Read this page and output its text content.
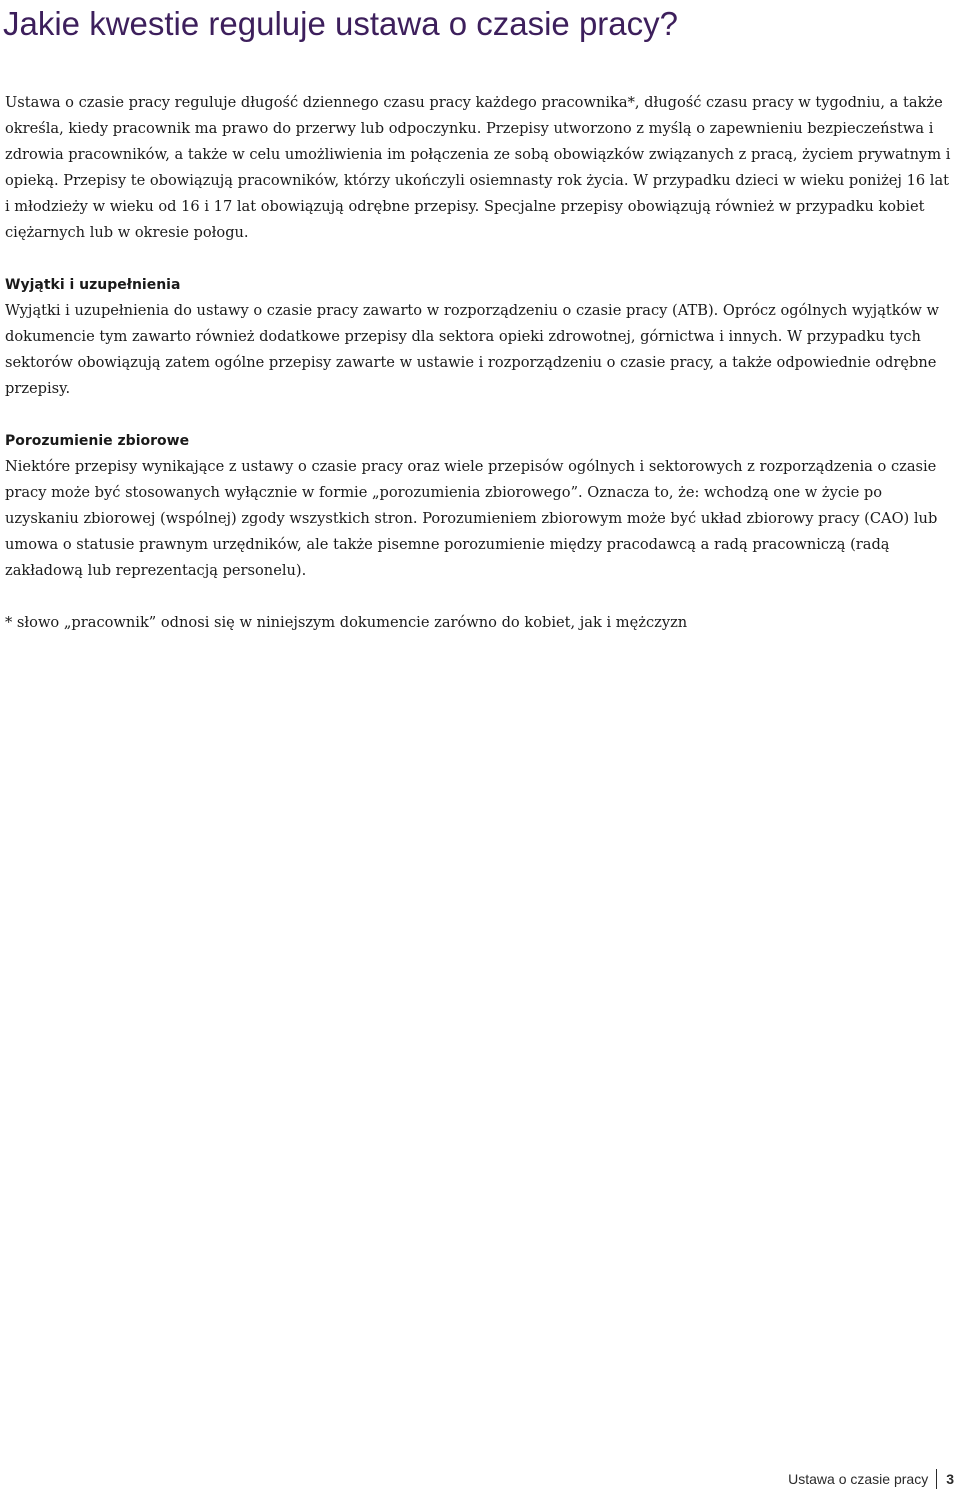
Jakie kwestie reguluje ustawa o czasie pracy?

Ustawa o czasie pracy reguluje długość dziennego czasu pracy każdego pracownika*, długość czasu pracy w tygodniu, a także określa, kiedy pracownik ma prawo do przerwy lub odpoczynku. Przepisy utworzono z myślą o zapewnieniu bezpieczeństwa i zdrowia pracowników, a także w celu umożliwienia im połączenia ze sobą obowiązków związanych z pracą, życiem prywatnym i opieką. Przepisy te obowiązują pracowników, którzy ukończyli osiemnasty rok życia. W przypadku dzieci w wieku poniżej 16 lat i młodzieży w wieku od 16 i 17 lat obowiązują odrębne przepisy. Specjalne przepisy obowiązują również w przypadku kobiet ciężarnych lub w okresie połogu.

Wyjątki i uzupełnienia

Wyjątki i uzupełnienia do ustawy o czasie pracy zawarto w rozporządzeniu o czasie pracy (ATB). Oprócz ogólnych wyjątków w dokumencie tym zawarto również dodatkowe przepisy dla sektora opieki zdrowotnej, górnictwa i innych. W przypadku tych sektorów obowiązują zatem ogólne przepisy zawarte w ustawie i rozporządzeniu o czasie pracy, a także odpowiednie odrębne przepisy.

Porozumienie zbiorowe

Niektóre przepisy wynikające z ustawy o czasie pracy oraz wiele przepisów ogólnych i sektorowych z rozporządzenia o czasie pracy może być stosowanych wyłącznie w formie „porozumienia zbiorowego”. Oznacza to, że: wchodzą one w życie po uzyskaniu zbiorowej (wspólnej) zgody wszystkich stron. Porozumieniem zbiorowym może być układ zbiorowy pracy (CAO) lub umowa o statusie prawnym urzędników, ale także pisemne porozumienie między pracodawcą a radą pracowniczą (radą zakładową lub reprezentacją personelu).

* słowo „pracownik” odnosi się w niniejszym dokumencie zarówno do kobiet, jak i mężczyzn

Ustawa o czasie pracy 3
